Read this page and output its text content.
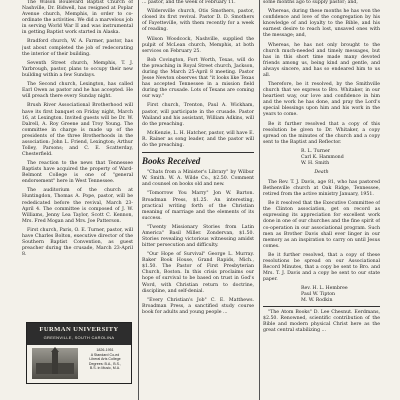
The Wilson Boulevard Baptist Church of Nashville, Dr. Bidwell, has resigned at Poplar Avenue church, Memphis, in order to co-ordinate the activities. We did a marvelous job in serving World War II and was instrumental in getting Baptist work started in Alaska.

Bradford church, W. A. Farmer, pastor, has just about completed the job of redecorating the interior of their building.

Seventh Street church, Memphis, T. J. Yarbrough, pastor, plans to occupy their new building within a few Sundays.

The Second church, Lexington, has called Earl Owen as pastor and he has accepted. He will preach there every Sunday night.

Brush River Associational Brotherhood will have its first banquet on Friday night, March 16, at Lexington. Invited guests will be Dr. W. Dalrell, A. Roy Greene and Troy Young. The committee in charge is made up of the presidents of the three Brotherhoods in the association: John L. Friend, Lexington; Arthur Tolley, Parsons; and C. E. Scatterday, Chesterfield.

The reaction to the news that Tennessee Baptists have acquired the property of Ward-Belmont College is one of "general endorsement" here in West Tennessee.

The auditorium of the church at Huntingdon, Thomas A. Pope, pastor, will be rededicated before the revival, March 23-April 4. The committee is composed of J. W. Williams, Jenny Lea Taylor, Scott C. Kennon, Mrs. Fred Mogan and Mrs. Joe Patterson.

First church, Paris, O. E. Turner, pastor, will have Charles Bolton, executive director of the Southern Baptist Convention, as guest preacher during the crusade, March 23-April 8.

FURMAN UNIVERSITY
GREENVILLE, SOUTH CAROLINA
1826-1951
A Standard Co-ed
Liberal Arts College
Degrees: B.A., B.S.,
B.S. in Music, M.A.

... pastor, and the week of February 11.

Wildersville church, Otis Smothers, pastor, closed its first revival. Pastor D. D. Smothers of Fayetteville, with them recently for a week of reading.

Wilson Woodcock, Nashville, supplied the pulpit of McLean church, Memphis, at both services on February 25.

Bob Covington, Fort Worth, Texas, will do the preaching in Royal Street church, Jackson, during the March 25-April 8 meeting. Pastor Jesse Newton observes that "it looks like Texas has accepted Tennessee in a mission field during the crusade. Lots of Texans are coming our way."

First church, Trenton, Paul A. Wickham, pastor, will participate in the crusade. Pastor Wailand and his assistant, William Adkins, will do the preaching.

McKenzie, L. H. Hatcher, pastor, will have E. R. Rainer as song leader, and the pastor will do the preaching.

Books Received

"Chats from a Minister's Library" by Wilbur W. Smith. W. A. Wilde Co., $2.50. Comment and counsel on books old and new.

"Tomorrow You Marry" Jon W. Barton. Broadman Press, $1.25. An interesting, practical writing forth of the Christian meaning of marriage and the elements of its success.

"Twenty Missionary Stories from Latin America" Basil Miller. Zondervan, $1.50. Stories revealing victorious witnessing amidst bitter persecution and difficulty.

"Our Hope of Survival" George L. Murray. Baker Book House, Grand Rapids, Mich., $1.50. The Pastor of First Presbyterian Church, Boston. In this crisis proclaims our hope of survival to be based on trust in God's Word, with Christian return to doctrine, discipline, and self-denial.

"Every Christian's Job" C. E. Matthews. Broadman Press, a sanctified study course book for adults and young people ...

some months ago to supply pastor; and,

Whereas, during these months he has won the confidence and love of the congregation by his knowledge of and loyalty to the Bible, and his earnest desire to reach lost, unsaved ones with the message; and,

Whereas, he has not only brought to the church much-needed and timely messages, but has in this short time made many devoted friends among us, being kind and gentle, and always sincere, and has so endeared him to us all.

Therefore, be it resolved, by the Smithville church that we express to Bro. Whitaker, in our heartiest way, our love and confidence in him and the work he has done, and pray the Lord's special blessings upon him and his work in the years to come.

Be it further resolved that a copy of this resolution be given to Dr. Whitaker, a copy spread on the minutes of the church and a copy sent to the Baptist and Reflector.

R. L. Turner
Carl K. Hammond
W. H. Smith
Death

The Rev. T. J. Davis, age 81, who has pastored Bethenville church at Oak Ridge, Tennessee, retired from the active ministry January, 1951.

Be it resolved that the Executive Committee of the Clinton association, get on record as expressing its appreciation for excellent work done in one of our churches and the fine spirit of co-operation in our associational program. Such men as Brother Davis shall ever linger in our memory as an inspiration to carry on until Jesus comes.

Be it further resolved, that a copy of these resolutions be spread on our Associational Record Minutes, that a copy be sent to Bro. and Mrs. T. J. Davis and a copy be sent to our state paper.

Rev. H. L. Hembree
Paul W. Tipton
M. W. Rodkin

"The Atom Books" D. Lee Chesnut. Eerdmans, $2.50. Renowned, scientific contribution of the Bible and modern physical Christ here as the great central stabilizing ...
